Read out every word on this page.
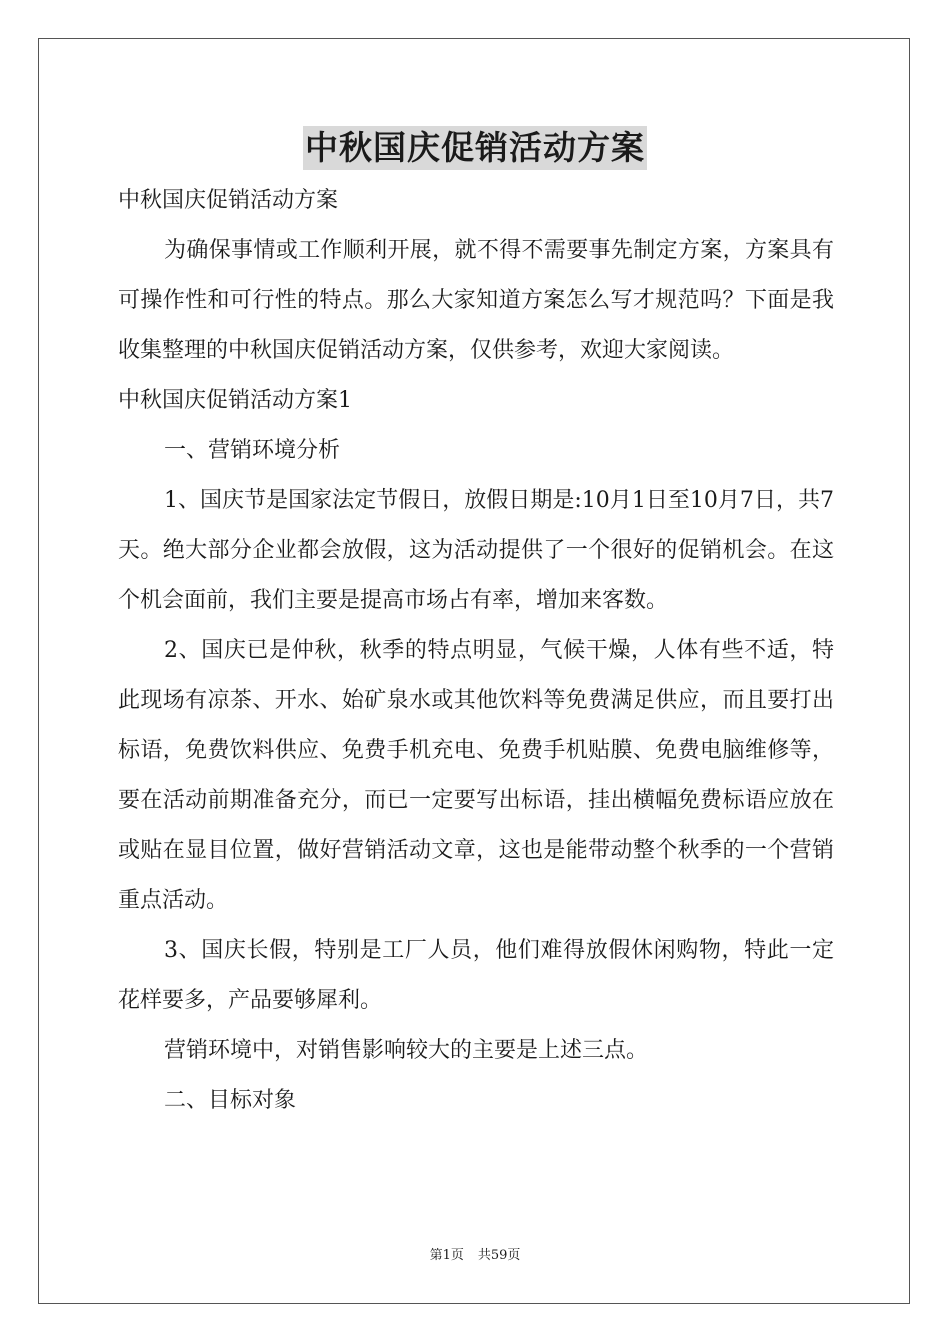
中秋国庆促销活动方案

中秋国庆促销活动方案

为确保事情或工作顺利开展，就不得不需要事先制定方案，方案具有可操作性和可行性的特点。那么大家知道方案怎么写才规范吗？下面是我收集整理的中秋国庆促销活动方案，仅供参考，欢迎大家阅读。

中秋国庆促销活动方案1

一、营销环境分析

1、国庆节是国家法定节假日，放假日期是:10月1日至10月7日，共7天。绝大部分企业都会放假，这为活动提供了一个很好的促销机会。在这个机会面前，我们主要是提高市场占有率，增加来客数。

2、国庆已是仲秋，秋季的特点明显，气候干燥，人体有些不适，特此现场有凉茶、开水、始矿泉水或其他饮料等免费满足供应，而且要打出标语，免费饮料供应、免费手机充电、免费手机贴膜、免费电脑维修等，要在活动前期准备充分，而已一定要写出标语，挂出横幅免费标语应放在或贴在显目位置，做好营销活动文章，这也是能带动整个秋季的一个营销重点活动。

3、国庆长假，特别是工厂人员，他们难得放假休闲购物，特此一定花样要多，产品要够犀利。

营销环境中，对销售影响较大的主要是上述三点。

二、目标对象

第1页 共59页
